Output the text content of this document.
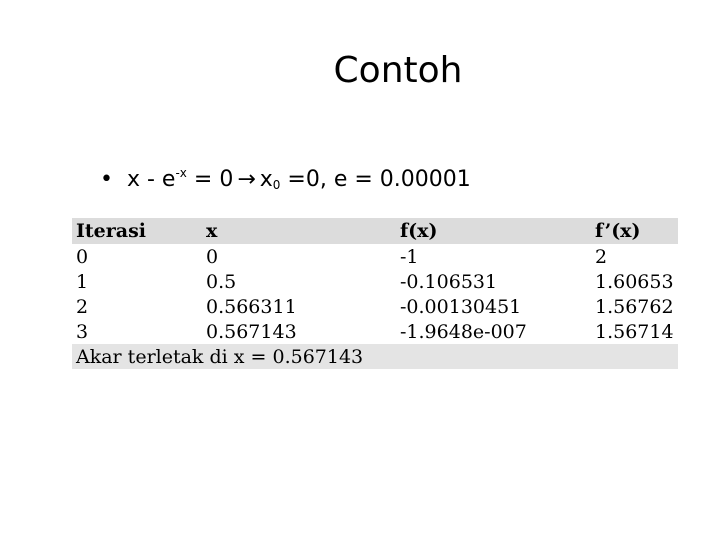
Contoh
• $x - e^{-x} = 0 \to x_0 =0$, e = 0.00001
Iterasi	x	f(x)	f’(x)
0	0	-1	2
1	0.5	-0.106531	1.60653
2	0.566311	-0.00130451	1.56762
3	0.567143	-1.9648e-007	1.56714
Akar terletak di x = 0.567143
